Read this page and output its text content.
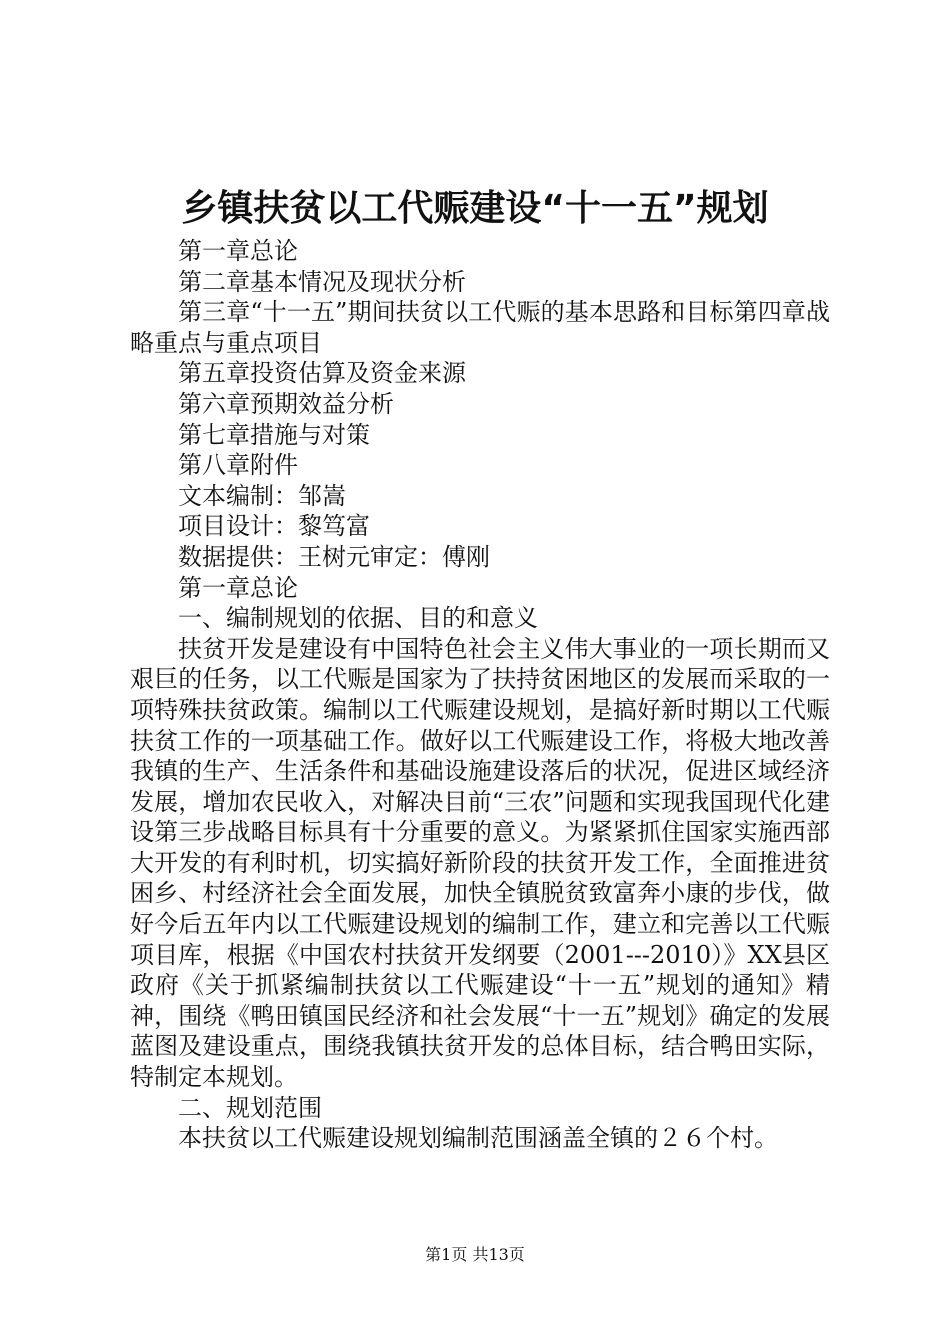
乡镇扶贫以工代赈建设“十一五”规划

第一章总论

第二章基本情况及现状分析

第三章“十一五”期间扶贫以工代赈的基本思路和目标第四章战略重点与重点项目

第五章投资估算及资金来源

第六章预期效益分析

第七章措施与对策

第八章附件

文本编制：邹嵩

项目设计：黎笃富

数据提供：王树元审定：傅刚

第一章总论

一、编制规划的依据、目的和意义

扶贫开发是建设有中国特色社会主义伟大事业的一项长期而又艰巨的任务，以工代赈是国家为了扶持贫困地区的发展而采取的一项特殊扶贫政策。编制以工代赈建设规划，是搞好新时期以工代赈扶贫工作的一项基础工作。做好以工代赈建设工作，将极大地改善我镇的生产、生活条件和基础设施建设落后的状况，促进区域经济发展，增加农民收入，对解决目前“三农”问题和实现我国现代化建设第三步战略目标具有十分重要的意义。为紧紧抓住国家实施西部大开发的有利时机，切实搞好新阶段的扶贫开发工作，全面推进贫困乡、村经济社会全面发展，加快全镇脱贫致富奔小康的步伐，做好今后五年内以工代赈建设规划的编制工作，建立和完善以工代赈项目库，根据《中国农村扶贫开发纲要（2001---2010）》XX县区政府《关于抓紧编制扶贫以工代赈建设“十一五”规划的通知》精神，围绕《鸭田镇国民经济和社会发展“十一五”规划》确定的发展蓝图及建设重点，围绕我镇扶贫开发的总体目标，结合鸭田实际，特制定本规划。

二、规划范围

本扶贫以工代赈建设规划编制范围涵盖全镇的２６个村。

第1页 共13页
